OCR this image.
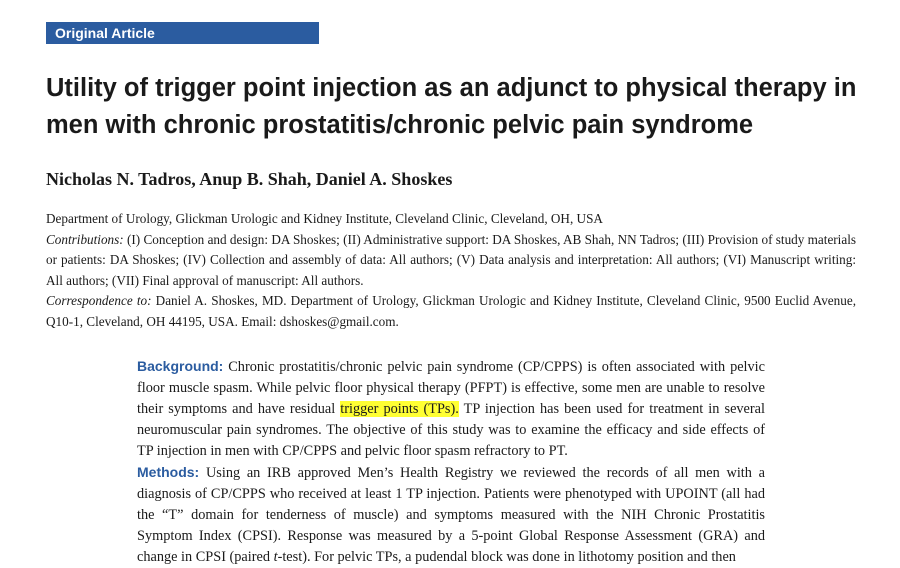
Original Article
Utility of trigger point injection as an adjunct to physical therapy in men with chronic prostatitis/chronic pelvic pain syndrome

Nicholas N. Tadros, Anup B. Shah, Daniel A. Shoskes

Department of Urology, Glickman Urologic and Kidney Institute, Cleveland Clinic, Cleveland, OH, USA

Contributions: (I) Conception and design: DA Shoskes; (II) Administrative support: DA Shoskes, AB Shah, NN Tadros; (III) Provision of study materials or patients: DA Shoskes; (IV) Collection and assembly of data: All authors; (V) Data analysis and interpretation: All authors; (VI) Manuscript writing: All authors; (VII) Final approval of manuscript: All authors.

Correspondence to: Daniel A. Shoskes, MD. Department of Urology, Glickman Urologic and Kidney Institute, Cleveland Clinic, 9500 Euclid Avenue, Q10-1, Cleveland, OH 44195, USA. Email: dshoskes@gmail.com.

Background: Chronic prostatitis/chronic pelvic pain syndrome (CP/CPPS) is often associated with pelvic floor muscle spasm. While pelvic floor physical therapy (PFPT) is effective, some men are unable to resolve their symptoms and have residual trigger points (TPs). TP injection has been used for treatment in several neuromuscular pain syndromes. The objective of this study was to examine the efficacy and side effects of TP injection in men with CP/CPPS and pelvic floor spasm refractory to PT.

Methods: Using an IRB approved Men’s Health Registry we reviewed the records of all men with a diagnosis of CP/CPPS who received at least 1 TP injection. Patients were phenotyped with UPOINT (all had the “T” domain for tenderness of muscle) and symptoms measured with the NIH Chronic Prostatitis Symptom Index (CPSI). Response was measured by a 5-point Global Response Assessment (GRA) and change in CPSI (paired t-test). For pelvic TPs, a pudendal block was done in lithotomy position and then
